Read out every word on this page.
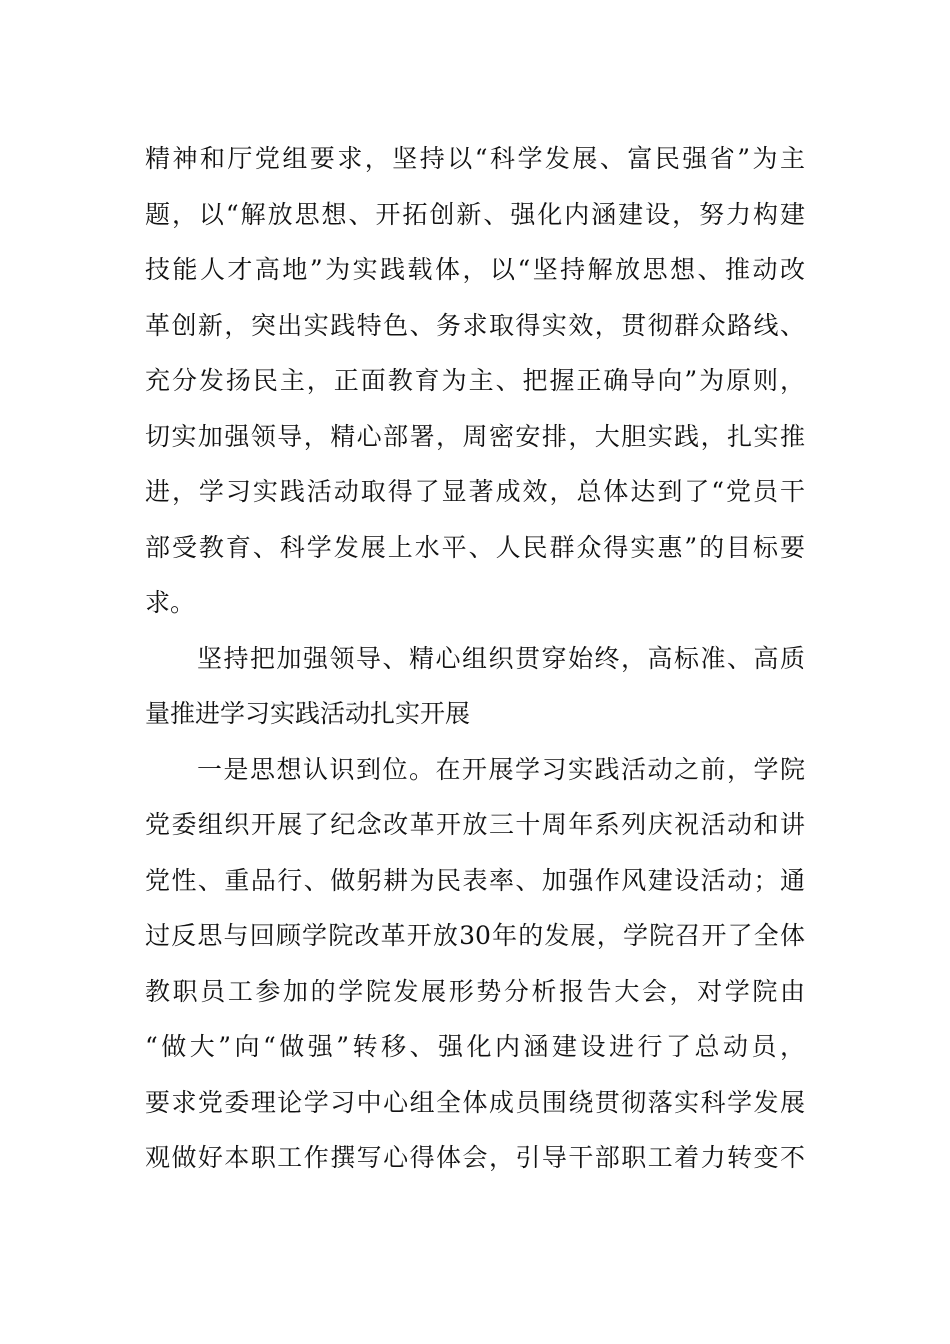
精神和厅党组要求，坚持以“科学发展、富民强省”为主
题，以“解放思想、开拓创新、强化内涵建设，努力构建
技能人才高地”为实践载体，以“坚持解放思想、推动改
革创新，突出实践特色、务求取得实效，贯彻群众路线、
充分发扬民主，正面教育为主、把握正确导向”为原则，
切实加强领导，精心部署，周密安排，大胆实践，扎实推
进，学习实践活动取得了显著成效，总体达到了“党员干
部受教育、科学发展上水平、人民群众得实惠”的目标要
求。
坚持把加强领导、精心组织贯穿始终，高标准、高质
量推进学习实践活动扎实开展
一是思想认识到位。在开展学习实践活动之前，学院
党委组织开展了纪念改革开放三十周年系列庆祝活动和讲
党性、重品行、做躬耕为民表率、加强作风建设活动；通
过反思与回顾学院改革开放30年的发展，学院召开了全体
教职员工参加的学院发展形势分析报告大会，对学院由
“做大”向“做强”转移、强化内涵建设进行了总动员，
要求党委理论学习中心组全体成员围绕贯彻落实科学发展
观做好本职工作撰写心得体会，引导干部职工着力转变不
